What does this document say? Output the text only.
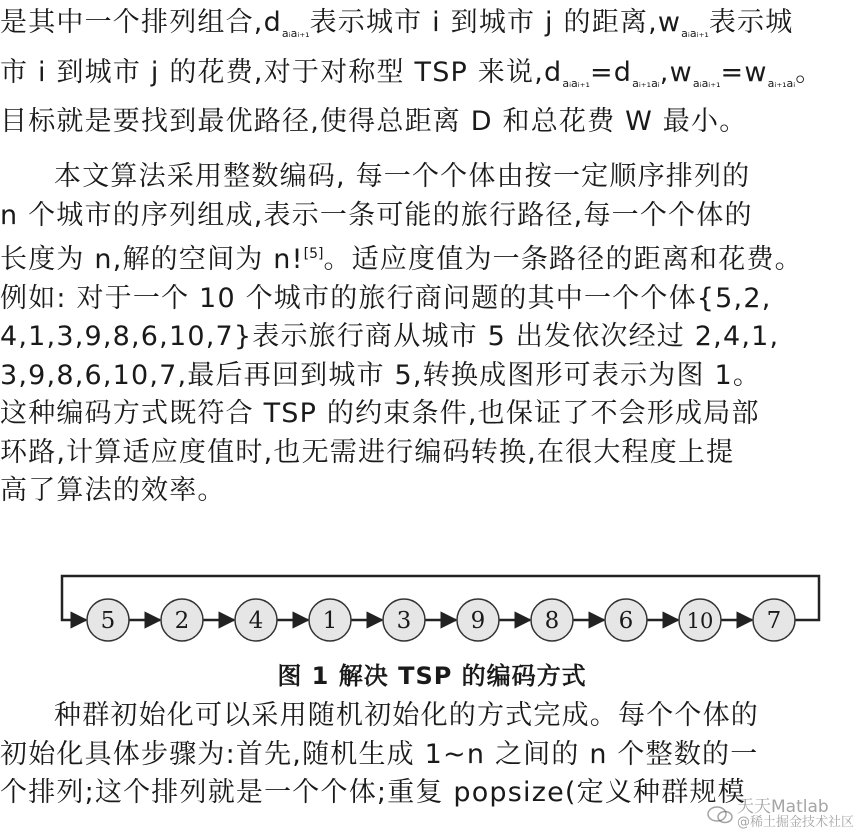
是其中一个排列组合$,d_{aᵢaᵢ_{+1}}$表示城市 i 到城市 j 的距离$,w_{aᵢaᵢ_{+1}}$表示城
市 i 到城市 j 的花费,对于对称型 TSP 来说$,d_{aᵢaᵢ_{+1}}=d_{aᵢ_{+1}aᵢ},w_{aᵢaᵢ_{+1}}=w_{aᵢ_{+1}aᵢ}$。
目标就是要找到最优路径,使得总距离 D 和总花费 W 最小。
本文算法采用整数编码, 每一个个体由按一定顺序排列的
n 个城市的序列组成,表示一条可能的旅行路径,每一个个体的
长度为 n,解的空间为 n![5]。适应度值为一条路径的距离和花费。
例如: 对于一个 10 个城市的旅行商问题的其中一个个体{5,2,
4,1,3,9,8,6,10,7}表示旅行商从城市 5 出发依次经过 2,4,1,
3,9,8,6,10,7,最后再回到城市 5,转换成图形可表示为图 1。
这种编码方式既符合 TSP 的约束条件,也保证了不会形成局部
环路,计算适应度值时,也无需进行编码转换,在很大程度上提
高了算法的效率。
5	2	4	1	3	9	8	6	10 7
图 1 解决 TSP 的编码方式
种群初始化可以采用随机初始化的方式完成。每个个体的
初始化具体步骤为:首先,随机生成 1~n 之间的 n 个整数的一
个排列;这个排列就是一个个体;重复 popsize(定义种群规模
天天Matlab
@稀土掘金技术社区
